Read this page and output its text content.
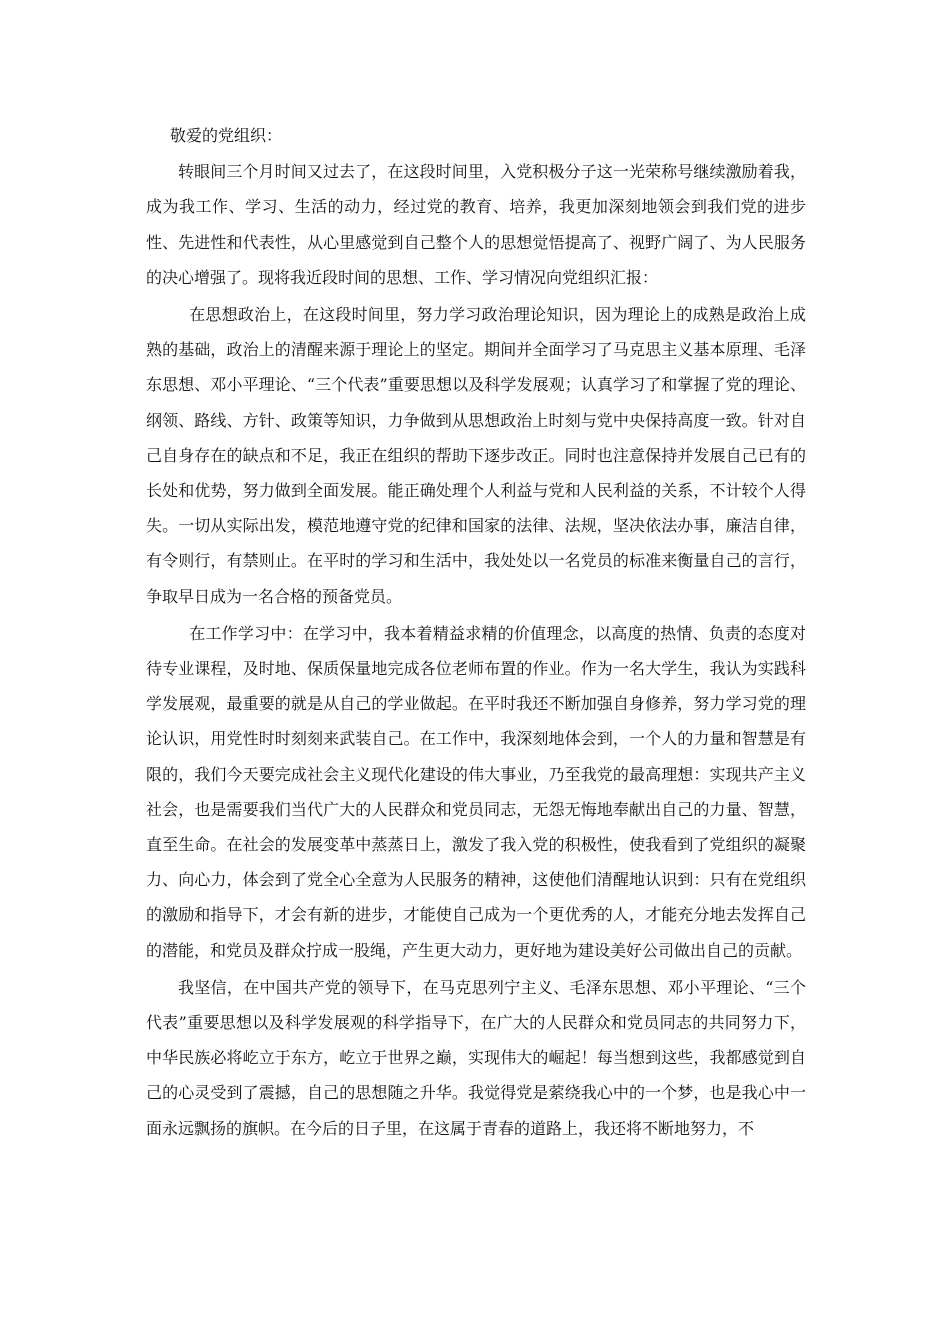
敬爱的党组织：

转眼间三个月时间又过去了，在这段时间里，入党积极分子这一光荣称号继续激励着我，成为我工作、学习、生活的动力，经过党的教育、培养，我更加深刻地领会到我们党的进步性、先进性和代表性，从心里感觉到自己整个人的思想觉悟提高了、视野广阔了、为人民服务的决心增强了。现将我近段时间的思想、工作、学习情况向党组织汇报：

在思想政治上，在这段时间里，努力学习政治理论知识，因为理论上的成熟是政治上成熟的基础，政治上的清醒来源于理论上的坚定。期间并全面学习了马克思主义基本原理、毛泽东思想、邓小平理论、“三个代表”重要思想以及科学发展观；认真学习了和掌握了党的理论、纲领、路线、方针、政策等知识，力争做到从思想政治上时刻与党中央保持高度一致。针对自己自身存在的缺点和不足，我正在组织的帮助下逐步改正。同时也注意保持并发展自己已有的长处和优势，努力做到全面发展。能正确处理个人利益与党和人民利益的关系，不计较个人得失。一切从实际出发，模范地遵守党的纪律和国家的法律、法规，坚决依法办事，廉洁自律，有令则行，有禁则止。在平时的学习和生活中，我处处以一名党员的标准来衡量自己的言行，争取早日成为一名合格的预备党员。

在工作学习中：在学习中，我本着精益求精的价值理念，以高度的热情、负责的态度对待专业课程，及时地、保质保量地完成各位老师布置的作业。作为一名大学生，我认为实践科学发展观，最重要的就是从自己的学业做起。在平时我还不断加强自身修养，努力学习党的理论认识，用党性时时刻刻来武装自己。在工作中，我深刻地体会到，一个人的力量和智慧是有限的，我们今天要完成社会主义现代化建设的伟大事业，乃至我党的最高理想：实现共产主义社会，也是需要我们当代广大的人民群众和党员同志，无怨无悔地奉献出自己的力量、智慧，直至生命。在社会的发展变革中蒸蒸日上，激发了我入党的积极性，使我看到了党组织的凝聚力、向心力，体会到了党全心全意为人民服务的精神，这使他们清醒地认识到：只有在党组织的激励和指导下，才会有新的进步，才能使自己成为一个更优秀的人，才能充分地去发挥自己的潜能，和党员及群众拧成一股绳，产生更大动力，更好地为建设美好公司做出自己的贡献。

我坚信，在中国共产党的领导下，在马克思列宁主义、毛泽东思想、邓小平理论、“三个代表”重要思想以及科学发展观的科学指导下，在广大的人民群众和党员同志的共同努力下，中华民族必将屹立于东方，屹立于世界之巅，实现伟大的崛起！每当想到这些，我都感觉到自己的心灵受到了震撼，自己的思想随之升华。我觉得党是萦绕我心中的一个梦，也是我心中一面永远飘扬的旗帜。在今后的日子里，在这属于青春的道路上，我还将不断地努力，不
